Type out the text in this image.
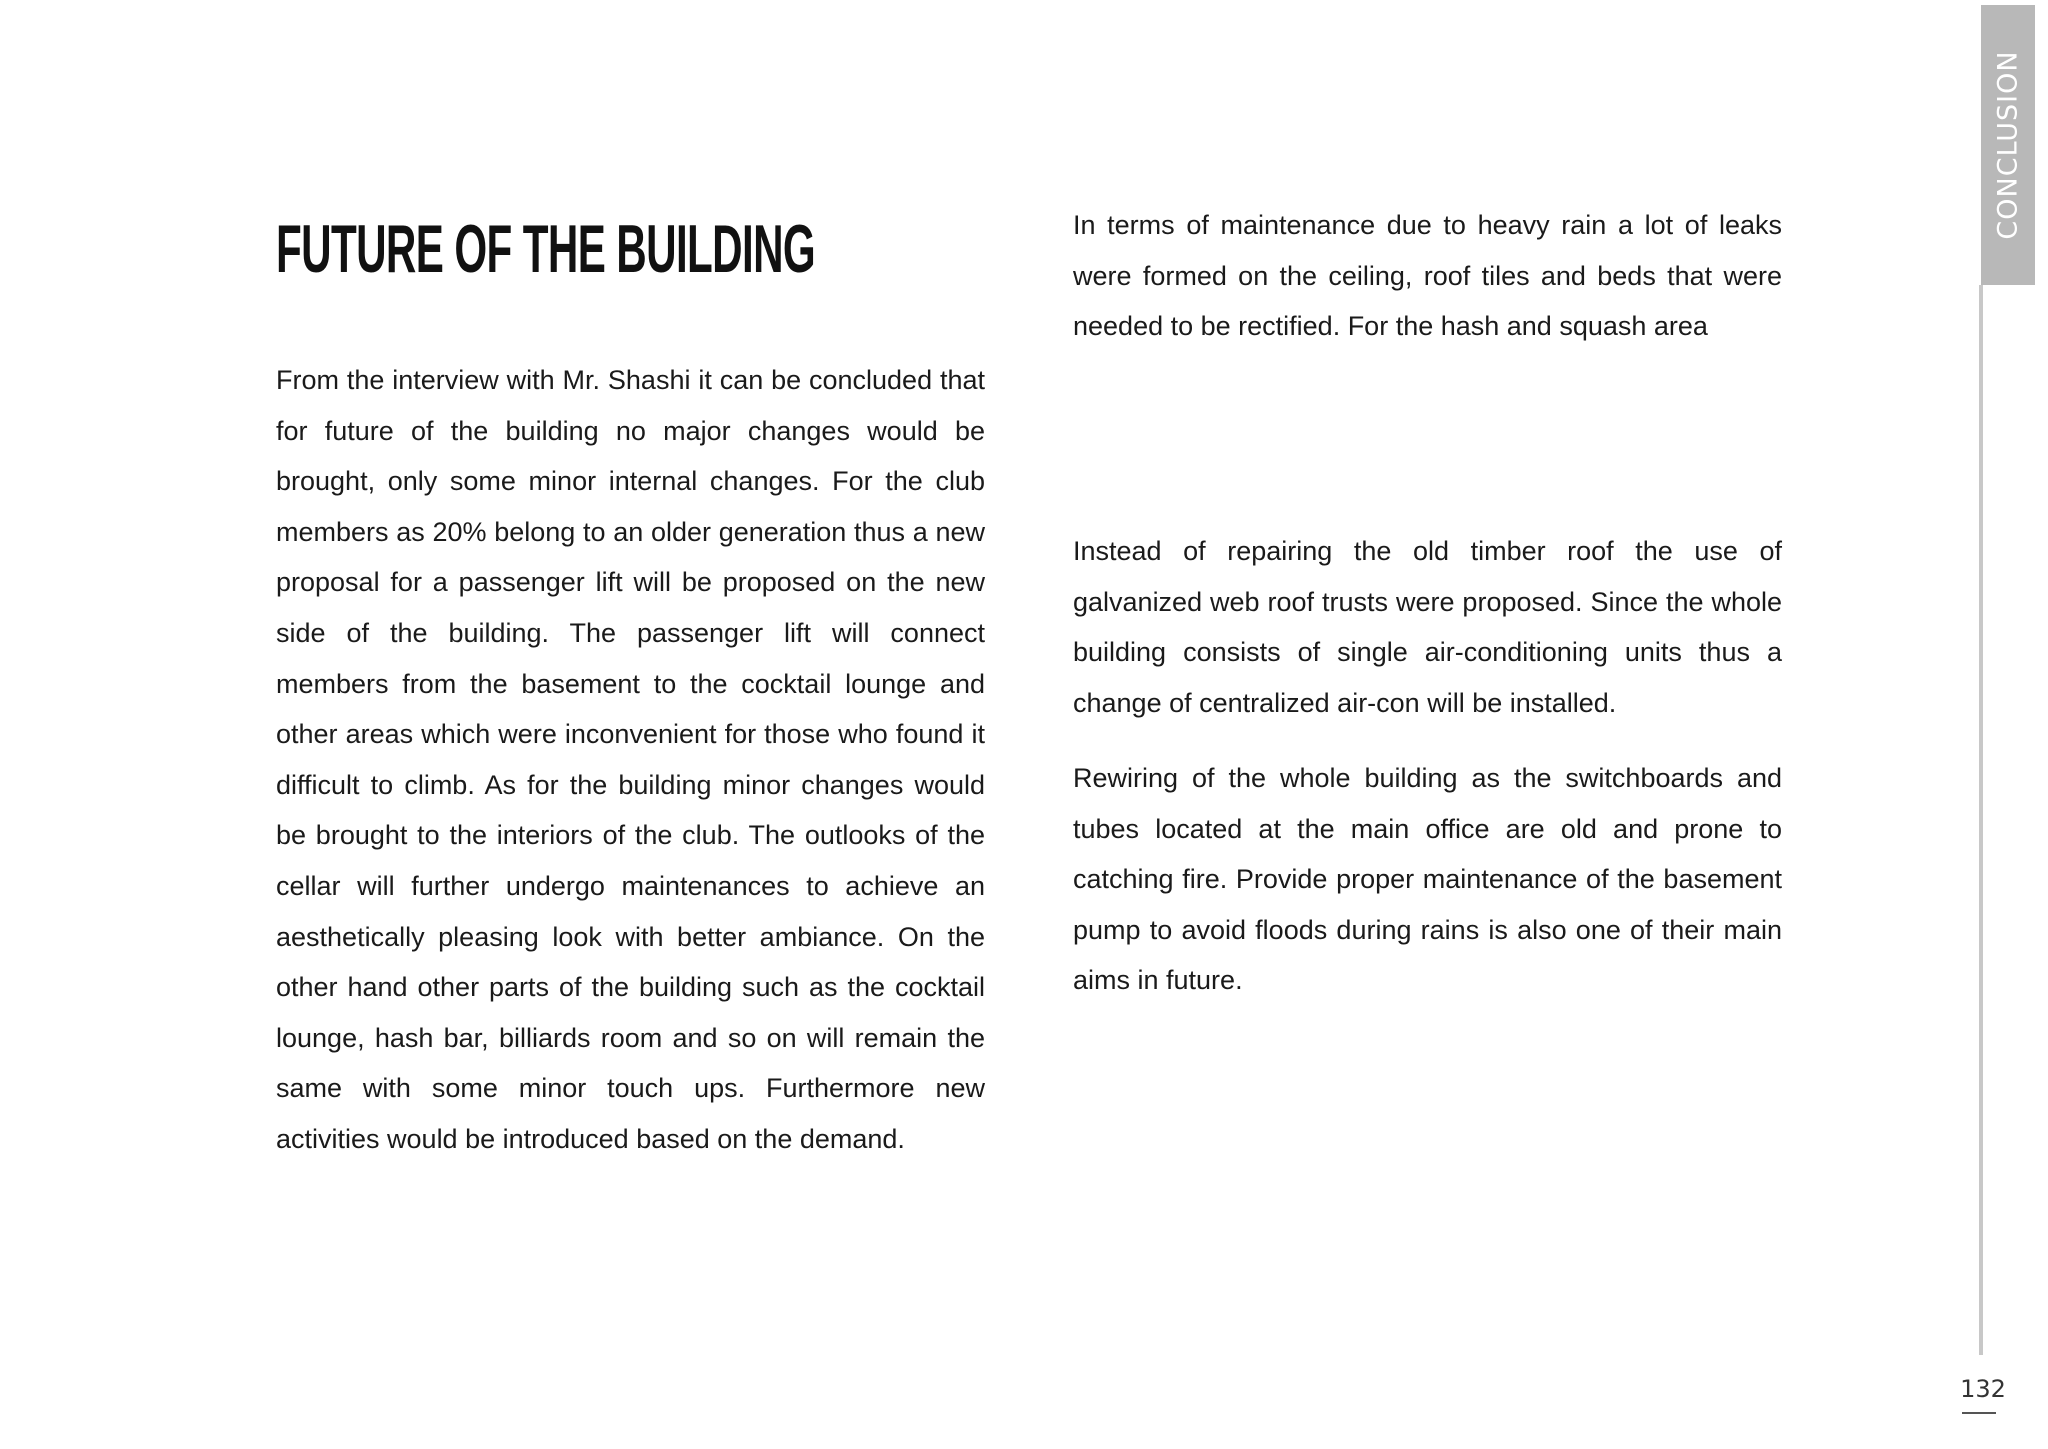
CONCLUSION
FUTURE OF THE BUILDING

From the interview with Mr. Shashi it can be concluded that for future of the building no major changes would be brought, only some minor internal changes. For the club members as 20% belong to an older generation thus a new proposal for a passenger lift will be proposed on the new side of the building. The passenger lift will connect members from the basement to the cocktail lounge and other areas which were inconvenient for those who found it difficult to climb. As for the building minor changes would be brought to the interiors of the club. The outlooks of the cellar will further undergo maintenances to achieve an aesthetically pleasing look with better ambiance. On the other hand other parts of the building such as the cocktail lounge, hash bar, billiards room and so on will remain the same with some minor touch ups. Furthermore new activities would be introduced based on the demand.

In terms of maintenance due to heavy rain a lot of leaks were formed on the ceiling, roof tiles and beds that were needed to be rectified. For the hash and squash area

Instead of repairing the old timber roof the use of galvanized web roof trusts were proposed. Since the whole building consists of single air-conditioning units thus a change of centralized air-con will be installed.

Rewiring of the whole building as the switchboards and tubes located at the main office are old and prone to catching fire. Provide proper maintenance of the basement pump to avoid floods during rains is also one of their main aims in future.

132
